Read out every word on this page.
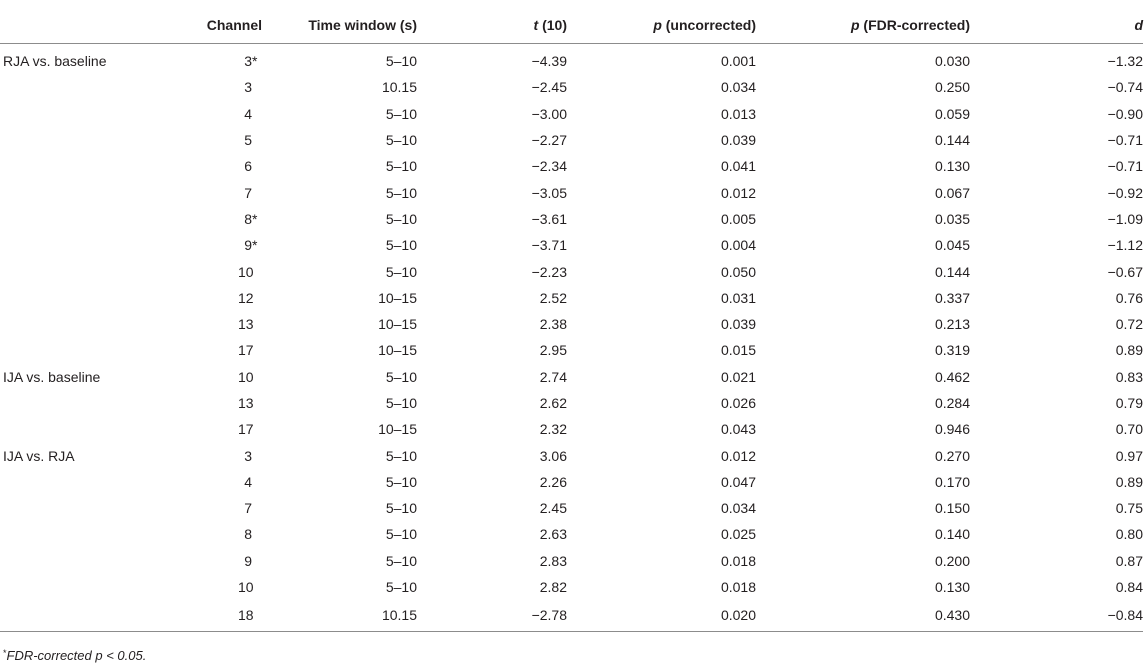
	Channel	Time window (s)	t (10)	p (uncorrected)	p (FDR-corrected)	d
RJA vs. baseline	3*	5–10	−4.39	0.001	0.030	−1.32
	3	10.15	−2.45	0.034	0.250	−0.74
	4	5–10	−3.00	0.013	0.059	−0.90
	5	5–10	−2.27	0.039	0.144	−0.71
	6	5–10	−2.34	0.041	0.130	−0.71
	7	5–10	−3.05	0.012	0.067	−0.92
	8*	5–10	−3.61	0.005	0.035	−1.09
	9*	5–10	−3.71	0.004	0.045	−1.12
	10	5–10	−2.23	0.050	0.144	−0.67
	12	10–15	2.52	0.031	0.337	0.76
	13	10–15	2.38	0.039	0.213	0.72
	17	10–15	2.95	0.015	0.319	0.89
IJA vs. baseline	10	5–10	2.74	0.021	0.462	0.83
	13	5–10	2.62	0.026	0.284	0.79
	17	10–15	2.32	0.043	0.946	0.70
IJA vs. RJA	3	5–10	3.06	0.012	0.270	0.97
	4	5–10	2.26	0.047	0.170	0.89
	7	5–10	2.45	0.034	0.150	0.75
	8	5–10	2.63	0.025	0.140	0.80
	9	5–10	2.83	0.018	0.200	0.87
	10	5–10	2.82	0.018	0.130	0.84
	18	10.15	−2.78	0.020	0.430	−0.84
*FDR-corrected p < 0.05.
